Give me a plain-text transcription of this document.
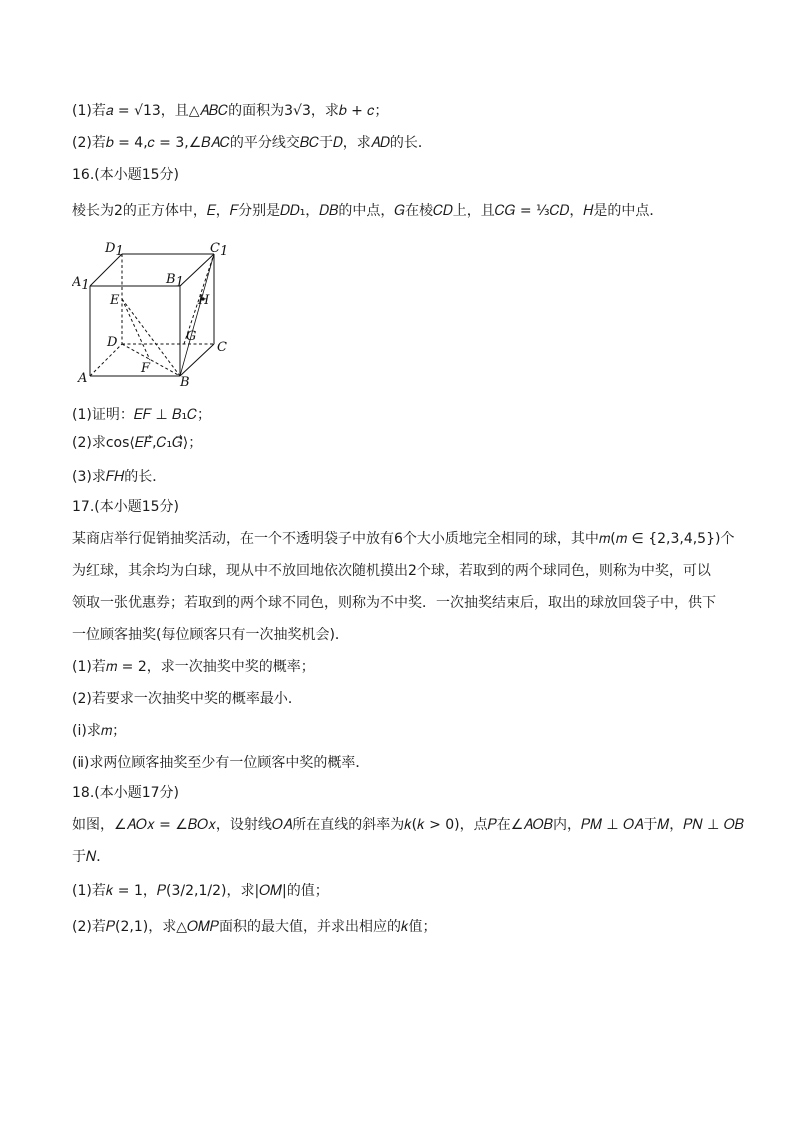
(1)若𝑎 = √13，且△𝐴𝐵𝐶的面积为3√3，求𝑏 + 𝑐；
(2)若𝑏 = 4,𝑐 = 3,∠𝐵𝐴𝐶的平分线交𝐵𝐶于𝐷，求𝐴𝐷的长．
16.(本小题15分)
棱长为2的正方体中，𝐸，𝐹分别是𝐷𝐷₁，𝐷𝐵的中点，𝐺在棱𝐶𝐷上，且𝐶𝐺 = ⅓𝐶𝐷，𝐻是的中点．
D1	C1
A1	B1
E	H
G
D	C
F
A	B
(1)证明：𝐸𝐹 ⊥ 𝐵₁𝐶；
(2)求cos⟨𝐸𝐹⃗,𝐶₁𝐺⃗⟩；
(3)求𝐹𝐻的长．
17.(本小题15分)
某商店举行促销抽奖活动，在一个不透明袋子中放有6个大小质地完全相同的球，其中𝑚(𝑚 ∈ {2,3,4,5})个
为红球，其余均为白球，现从中不放回地依次随机摸出2个球，若取到的两个球同色，则称为中奖，可以
领取一张优惠券；若取到的两个球不同色，则称为不中奖．一次抽奖结束后，取出的球放回袋子中，供下
一位顾客抽奖(每位顾客只有一次抽奖机会)．
(1)若𝑚 = 2，求一次抽奖中奖的概率；
(2)若要求一次抽奖中奖的概率最小．
(ⅰ)求𝑚；
(ⅱ)求两位顾客抽奖至少有一位顾客中奖的概率．
18.(本小题17分)
如图，∠𝐴𝑂𝑥 = ∠𝐵𝑂𝑥，设射线𝑂𝐴所在直线的斜率为𝑘(𝑘 > 0)，点𝑃在∠𝐴𝑂𝐵内，𝑃𝑀 ⊥ 𝑂𝐴于𝑀，𝑃𝑁 ⊥ 𝑂𝐵
于𝑁．
(1)若𝑘 = 1，𝑃(3/2,1/2)，求|𝑂𝑀|的值；
(2)若𝑃(2,1)，求△𝑂𝑀𝑃面积的最大值，并求出相应的𝑘值；
